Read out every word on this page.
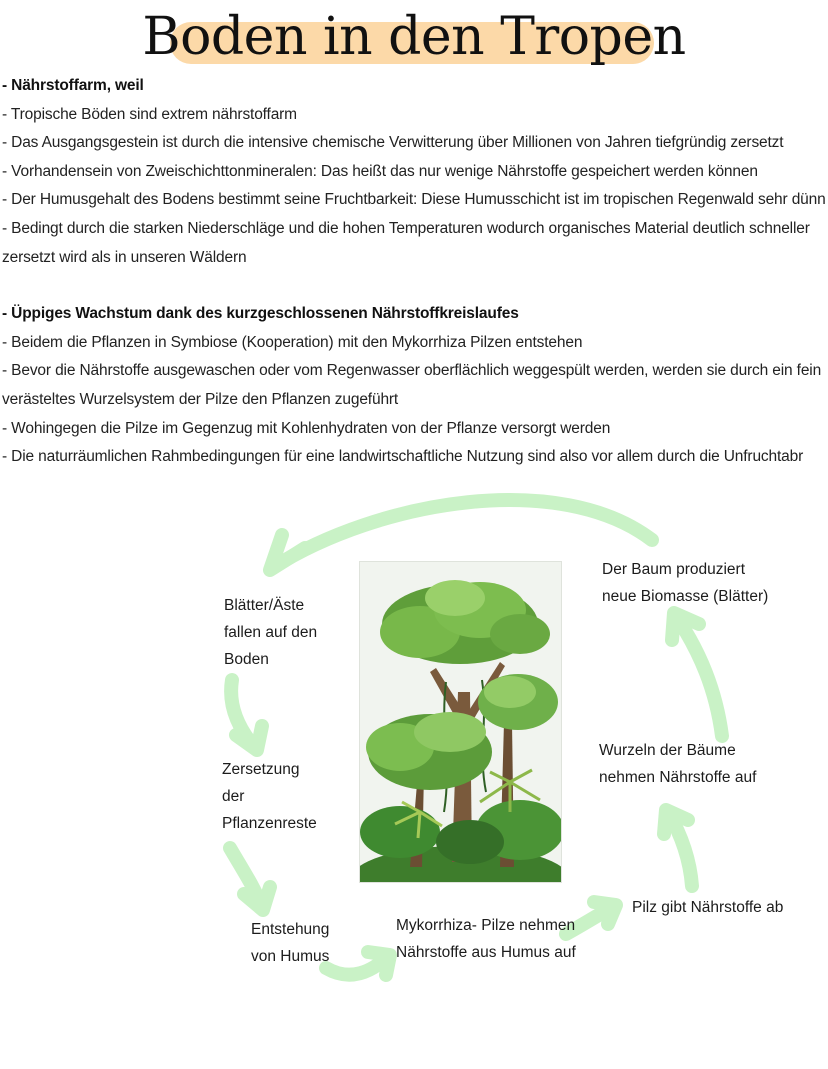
Boden in den Tropen

- Nährstoffarm, weil

- Tropische Böden sind extrem nährstoffarm

- Das Ausgangsgestein ist durch die intensive chemische Verwitterung über Millionen von Jahren tiefgründig zersetzt

- Vorhandensein von Zweischichttonmineralen: Das heißt das nur wenige Nährstoffe gespeichert werden können

- Der Humusgehalt des Bodens bestimmt seine Fruchtbarkeit: Diese Humusschicht ist im tropischen Regenwald sehr dünn

- Bedingt durch die starken Niederschläge und die hohen Temperaturen wodurch organisches Material deutlich schneller zersetzt wird als in unseren Wäldern

- Üppiges Wachstum dank des kurzgeschlossenen Nährstoffkreislaufes

- Beidem die Pflanzen in Symbiose (Kooperation) mit den Mykorrhiza Pilzen entstehen

- Bevor die Nährstoffe ausgewaschen oder vom Regenwasser oberflächlich weggespült werden, werden sie durch ein fein verästeltes Wurzelsystem der Pilze den Pflanzen zugeführt

- Wohingegen die Pilze im Gegenzug mit Kohlenhydraten von der Pflanze versorgt werden

- Die naturräumlichen Rahmbedingungen für eine landwirtschaftliche Nutzung sind also vor allem durch die Unfruchtabr

Blätter/Äste
fallen auf den
Boden
Zersetzung
der
Pflanzenreste
Entstehung
von Humus
Mykorrhiza- Pilze nehmen
Nährstoffe aus Humus auf
Pilz gibt Nährstoffe ab
Wurzeln der Bäume
nehmen Nährstoffe auf
Der Baum produziert
neue Biomasse (Blätter)
